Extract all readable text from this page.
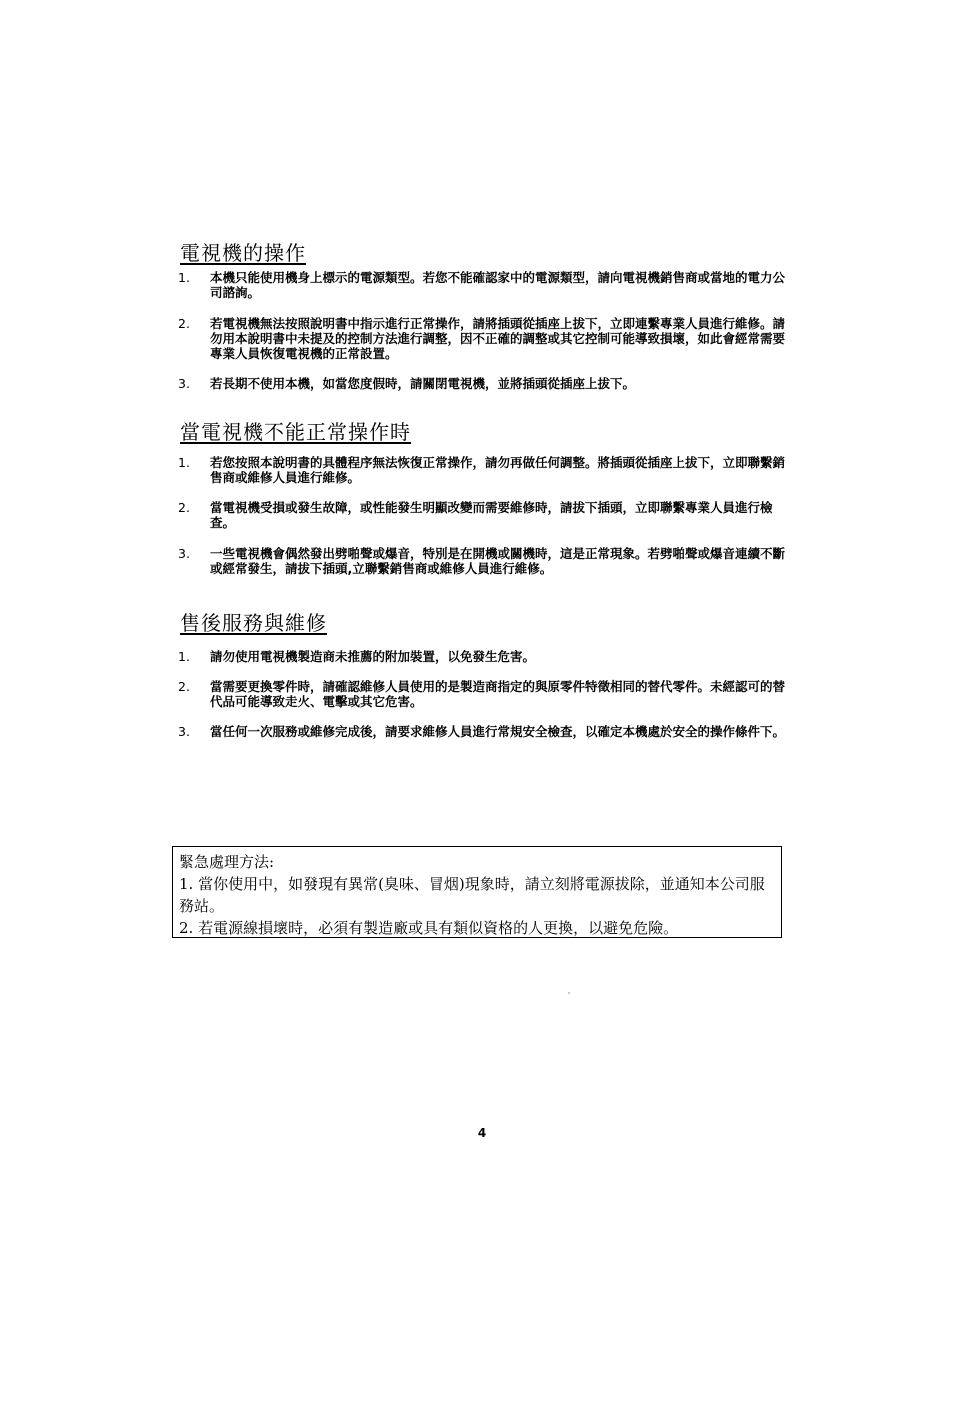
電視機的操作
1.	本機只能使用機身上標示的電源類型。若您不能確認家中的電源類型，請向電視機銷售商或當地的電力公司諮詢。
2.	若電視機無法按照說明書中指示進行正常操作，請將插頭從插座上拔下，立即連繫專業人員進行維修。請勿用本說明書中未提及的控制方法進行調整，因不正確的調整或其它控制可能導致損壞，如此會經常需要專業人員恢復電視機的正常設置。
3.	若長期不使用本機，如當您度假時，請關閉電視機，並將插頭從插座上拔下。
當電視機不能正常操作時
1.	若您按照本說明書的具體程序無法恢復正常操作，請勿再做任何調整。將插頭從插座上拔下，立即聯繫銷售商或維修人員進行維修。
2.	當電視機受損或發生故障，或性能發生明顯改變而需要維修時，請拔下插頭，立即聯繫專業人員進行檢查。
3.	一些電視機會偶然發出劈啪聲或爆音，特別是在開機或關機時，這是正常現象。若劈啪聲或爆音連續不斷或經常發生，請拔下插頭,立聯繫銷售商或維修人員進行維修。
售後服務與維修
1.	請勿使用電視機製造商未推薦的附加裝置，以免發生危害。
2.	當需要更換零件時，請確認維修人員使用的是製造商指定的與原零件特徵相同的替代零件。未經認可的替代品可能導致走火、電擊或其它危害。
3.	當任何一次服務或維修完成後，請要求維修人員進行常規安全檢查，以確定本機處於安全的操作條件下。
緊急處理方法:
1. 當你使用中，如發現有異常(臭味、冒烟)現象時，請立刻將電源拔除，並通知本公司服務站。
2. 若電源線損壞時，必須有製造廠或具有類似資格的人更換，以避免危險。
4
